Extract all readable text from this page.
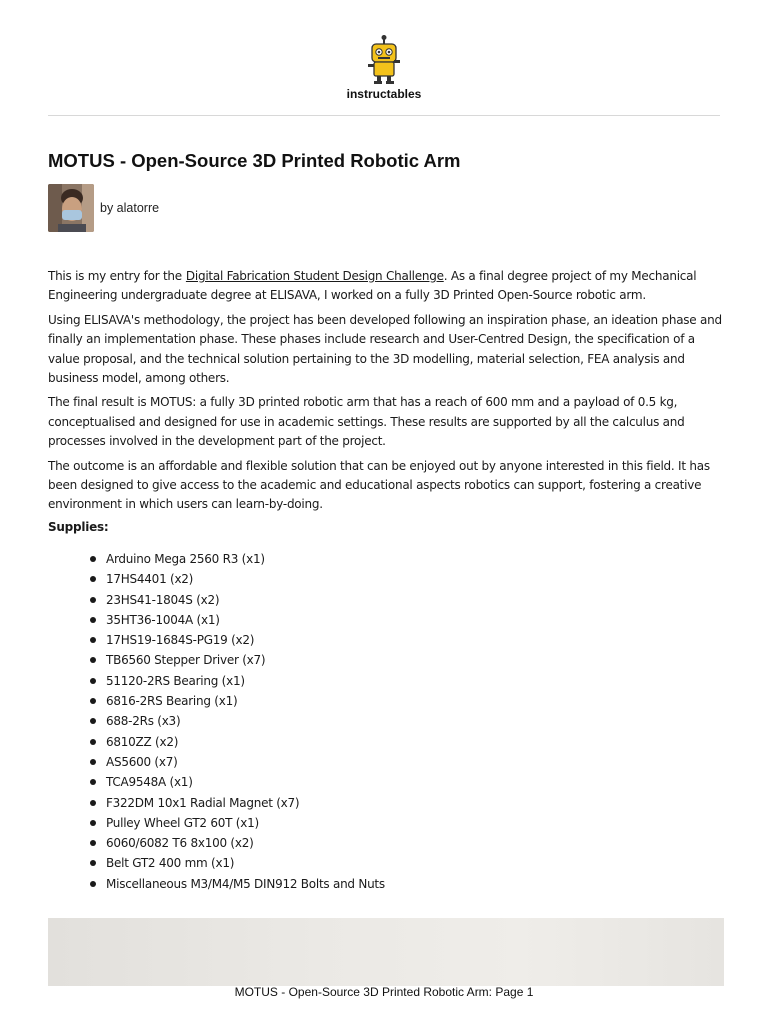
instructables
MOTUS - Open-Source 3D Printed Robotic Arm
by alatorre

This is my entry for the Digital Fabrication Student Design Challenge. As a final degree project of my Mechanical Engineering undergraduate degree at ELISAVA, I worked on a fully 3D Printed Open-Source robotic arm.

Using ELISAVA's methodology, the project has been developed following an inspiration phase, an ideation phase and finally an implementation phase. These phases include research and User-Centred Design, the specification of a value proposal, and the technical solution pertaining to the 3D modelling, material selection, FEA analysis and business model, among others.

The final result is MOTUS: a fully 3D printed robotic arm that has a reach of 600 mm and a payload of 0.5 kg, conceptualised and designed for use in academic settings. These results are supported by all the calculus and processes involved in the development part of the project.

The outcome is an affordable and flexible solution that can be enjoyed out by anyone interested in this field. It has been designed to give access to the academic and educational aspects robotics can support, fostering a creative environment in which users can learn-by-doing.

Supplies:
Arduino Mega 2560 R3 (x1)
17HS4401 (x2)
23HS41-1804S (x2)
35HT36-1004A (x1)
17HS19-1684S-PG19 (x2)
TB6560 Stepper Driver (x7)
51120-2RS Bearing (x1)
6816-2RS Bearing (x1)
688-2Rs (x3)
6810ZZ (x2)
AS5600 (x7)
TCA9548A (x1)
F322DM 10x1 Radial Magnet (x7)
Pulley Wheel GT2 60T (x1)
6060/6082 T6 8x100 (x2)
Belt GT2 400 mm (x1)
Miscellaneous M3/M4/M5 DIN912 Bolts and Nuts
MOTUS - Open-Source 3D Printed Robotic Arm: Page 1
